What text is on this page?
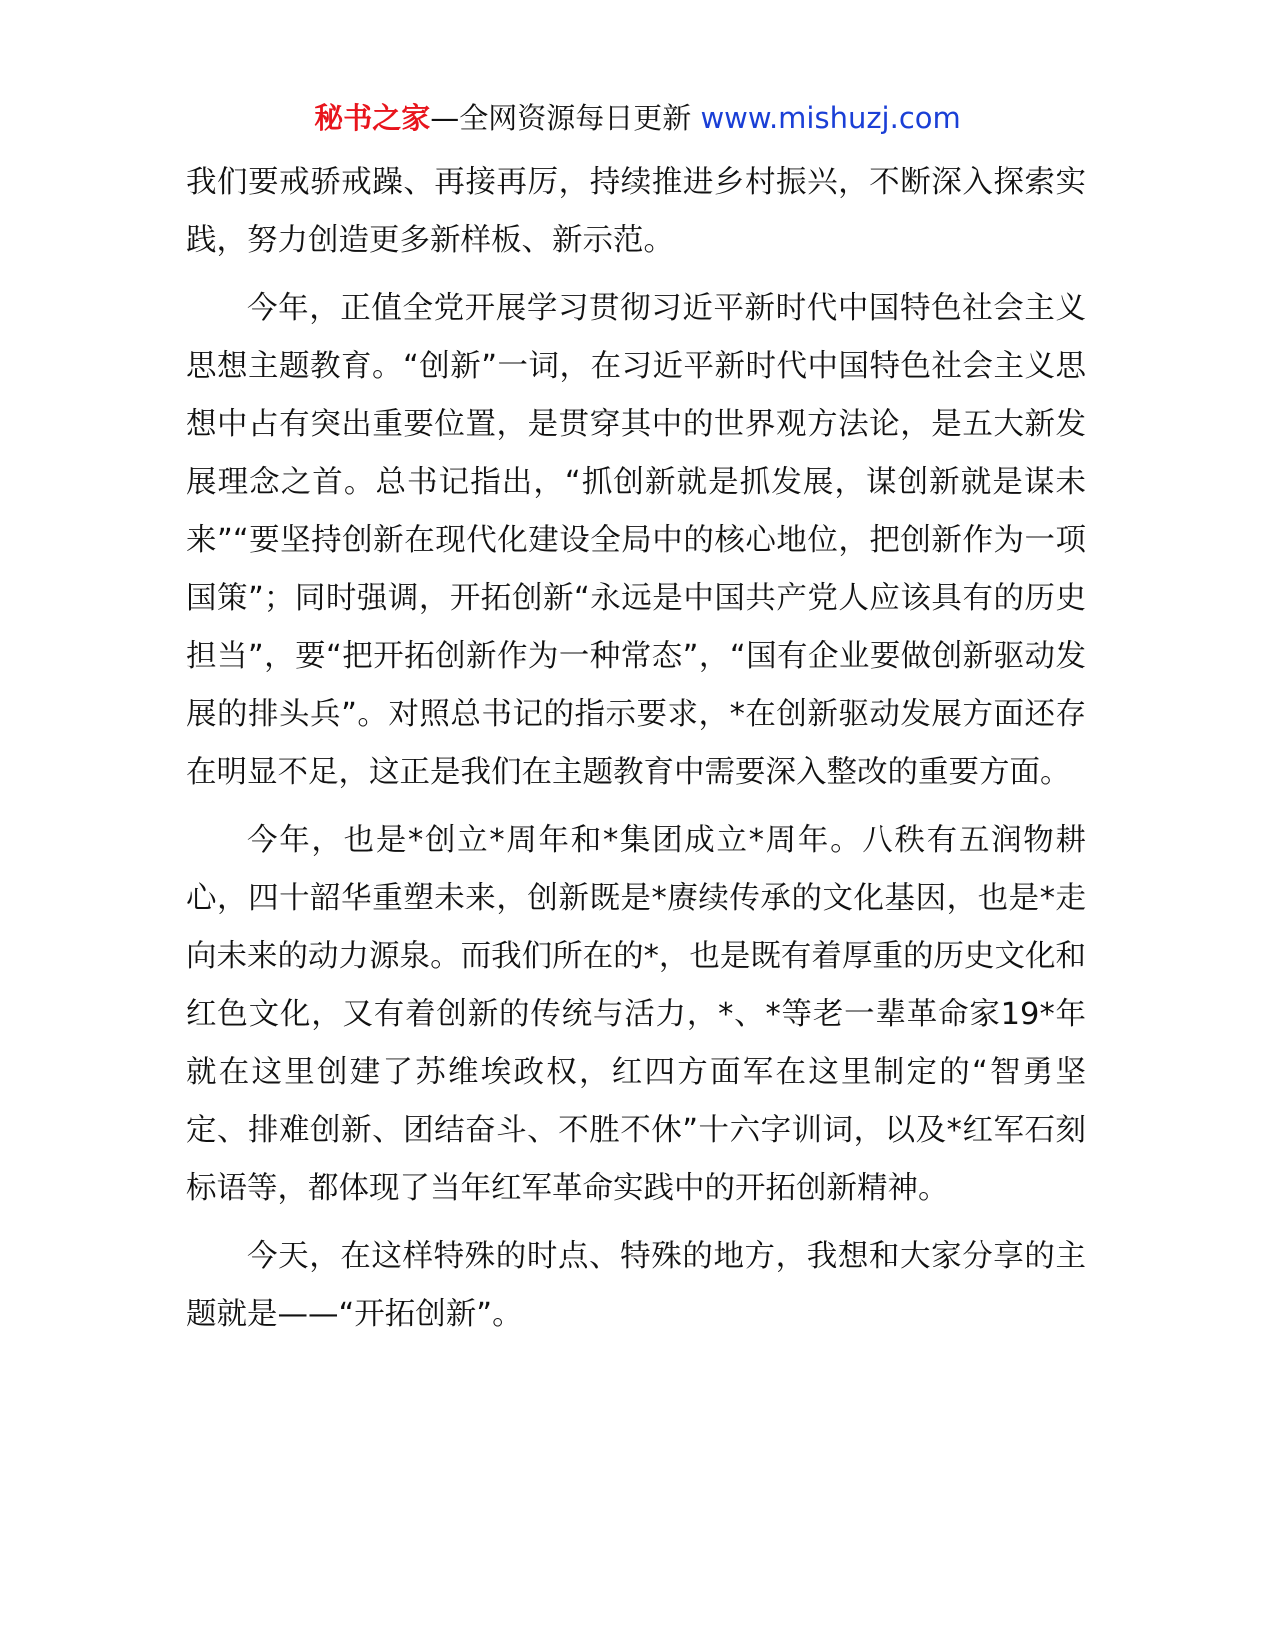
秘书之家—全网资源每日更新 www.mishuzj.com

我们要戒骄戒躁、再接再厉，持续推进乡村振兴，不断深入探索实践，努力创造更多新样板、新示范。

今年，正值全党开展学习贯彻习近平新时代中国特色社会主义思想主题教育。“创新”一词，在习近平新时代中国特色社会主义思想中占有突出重要位置，是贯穿其中的世界观方法论，是五大新发展理念之首。总书记指出，“抓创新就是抓发展，谋创新就是谋未来”“要坚持创新在现代化建设全局中的核心地位，把创新作为一项国策”；同时强调，开拓创新“永远是中国共产党人应该具有的历史担当”，要“把开拓创新作为一种常态”，“国有企业要做创新驱动发展的排头兵”。对照总书记的指示要求，*在创新驱动发展方面还存在明显不足，这正是我们在主题教育中需要深入整改的重要方面。

今年，也是*创立*周年和*集团成立*周年。八秩有五润物耕心，四十韶华重塑未来，创新既是*赓续传承的文化基因，也是*走向未来的动力源泉。而我们所在的*，也是既有着厚重的历史文化和红色文化，又有着创新的传统与活力，*、*等老一辈革命家19*年就在这里创建了苏维埃政权，红四方面军在这里制定的“智勇坚定、排难创新、团结奋斗、不胜不休”十六字训词，以及*红军石刻标语等，都体现了当年红军革命实践中的开拓创新精神。

今天，在这样特殊的时点、特殊的地方，我想和大家分享的主题就是——“开拓创新”。
